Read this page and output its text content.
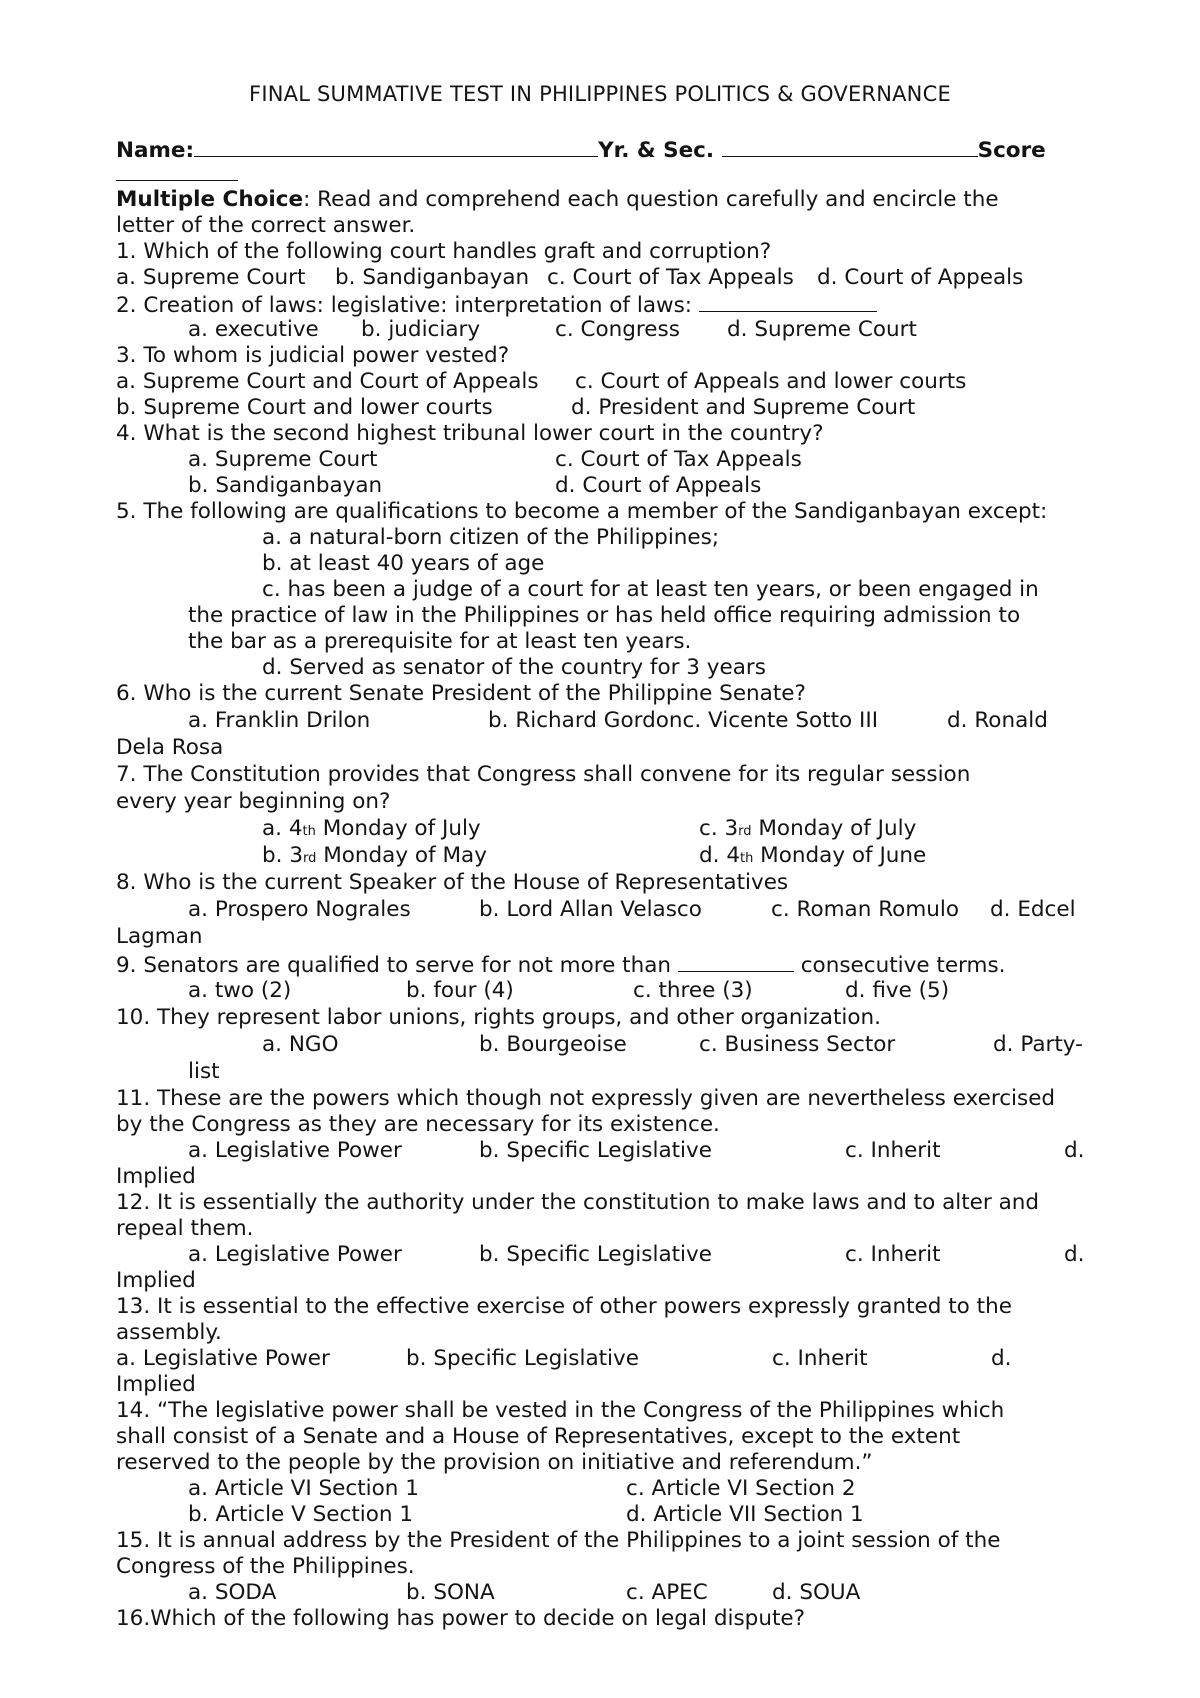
FINAL SUMMATIVE TEST IN PHILIPPINES POLITICS & GOVERNANCE
Name:	Yr. & Sec.	Score
Multiple Choice: Read and comprehend each question carefully and encircle the
letter of the correct answer.
1. Which of the following court handles graft and corruption?
a. Supreme Court b. Sandiganbayan c. Court of Tax Appeals d. Court of Appeals
2. Creation of laws: legislative: interpretation of laws:
a. executive b. judiciary	c. Congress d. Supreme Court
3. To whom is judicial power vested?
a. Supreme Court and Court of Appeals c. Court of Appeals and lower courts
b. Supreme Court and lower courts	d. President and Supreme Court
4. What is the second highest tribunal lower court in the country?
a. Supreme Court	c. Court of Tax Appeals
b. Sandiganbayan	d. Court of Appeals
5. The following are qualifications to become a member of the Sandiganbayan except:
a. a natural-born citizen of the Philippines;
b. at least 40 years of age
c. has been a judge of a court for at least ten years, or been engaged in
the practice of law in the Philippines or has held office requiring admission to
the bar as a prerequisite for at least ten years.
d. Served as senator of the country for 3 years
6. Who is the current Senate President of the Philippine Senate?
a. Franklin Drilon	b. Richard Gordonc. Vicente Sotto III	d. Ronald
Dela Rosa
7. The Constitution provides that Congress shall convene for its regular session
every year beginning on?
a. 4th Monday of July	c. 3rd Monday of July
b. 3rd Monday of May	d. 4th Monday of June
8. Who is the current Speaker of the House of Representatives
a. Prospero Nograles	b. Lord Allan Velasco	c. Roman Romulo d. Edcel
Lagman
9. Senators are qualified to serve for not more than	consecutive terms.
a. two (2)	b. four (4)	c. three (3)	d. five (5)
10. They represent labor unions, rights groups, and other organization.
a. NGO	b. Bourgeoise	c. Business Sector	d. Party-
list
11. These are the powers which though not expressly given are nevertheless exercised
by the Congress as they are necessary for its existence.
a. Legislative Power	b. Specific Legislative	c. Inherit	d.
Implied
12. It is essentially the authority under the constitution to make laws and to alter and
repeal them.
a. Legislative Power	b. Specific Legislative	c. Inherit	d.
Implied
13. It is essential to the effective exercise of other powers expressly granted to the
assembly.
a. Legislative Power	b. Specific Legislative	c. Inherit	d.
Implied
14. “The legislative power shall be vested in the Congress of the Philippines which
shall consist of a Senate and a House of Representatives, except to the extent
reserved to the people by the provision on initiative and referendum.”
a. Article VI Section 1	c. Article VI Section 2
b. Article V Section 1	d. Article VII Section 1
15. It is annual address by the President of the Philippines to a joint session of the
Congress of the Philippines.
a. SODA	b. SONA	c. APEC	d. SOUA
16.Which of the following has power to decide on legal dispute?
